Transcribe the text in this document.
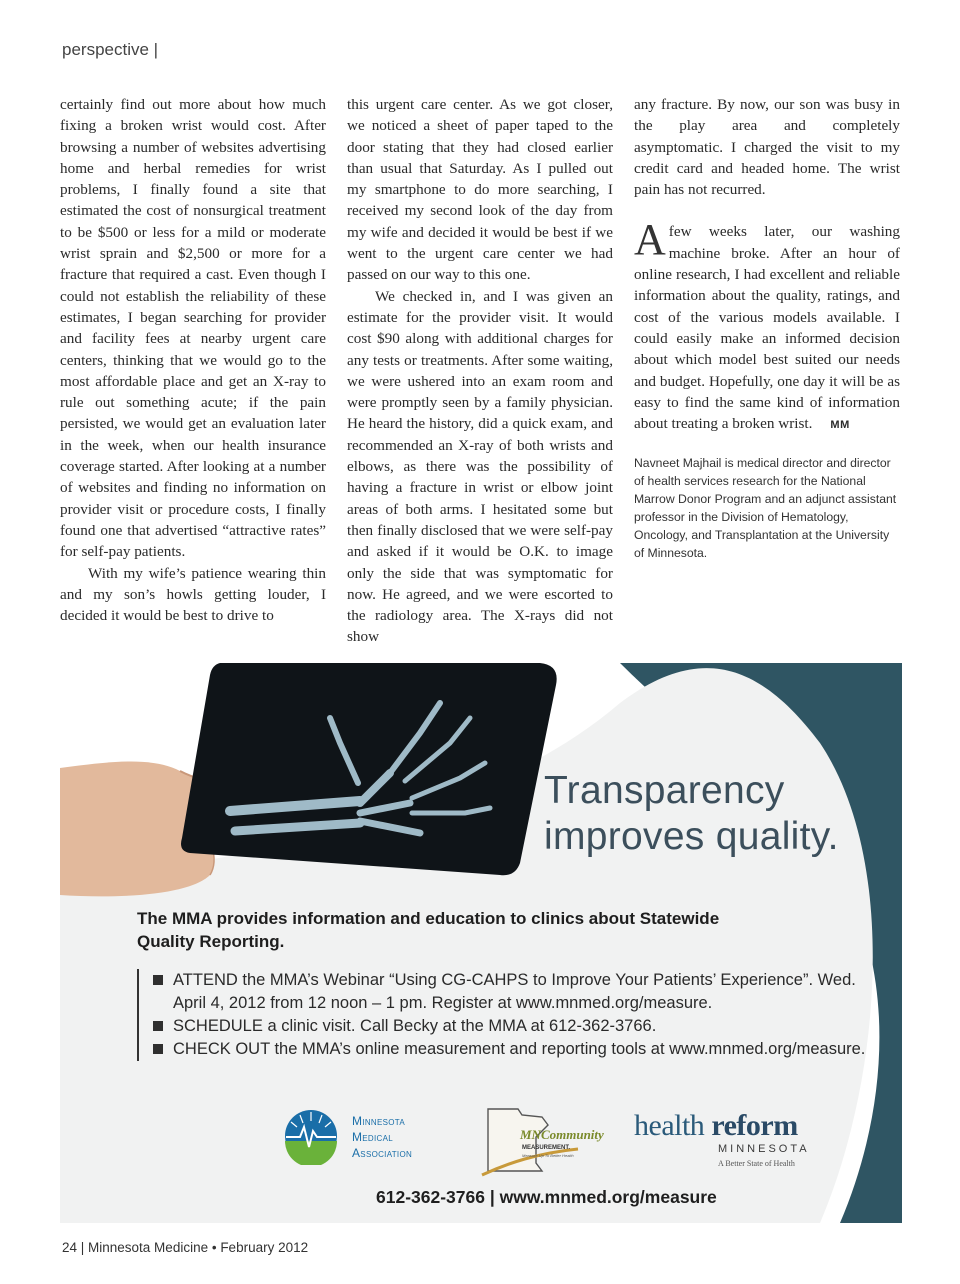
perspective |

certainly find out more about how much fixing a broken wrist would cost. After browsing a number of websites advertising home and herbal remedies for wrist problems, I finally found a site that estimated the cost of nonsurgical treatment to be $500 or less for a mild or moderate wrist sprain and $2,500 or more for a fracture that required a cast. Even though I could not establish the reliability of these estimates, I began searching for provider and facility fees at nearby urgent care centers, thinking that we would go to the most affordable place and get an X-ray to rule out something acute; if the pain persisted, we would get an evaluation later in the week, when our health insurance coverage started. After looking at a number of websites and finding no information on provider visit or procedure costs, I finally found one that advertised “attractive rates” for self-pay patients.

With my wife’s patience wearing thin and my son’s howls getting louder, I decided it would be best to drive to

this urgent care center. As we got closer, we noticed a sheet of paper taped to the door stating that they had closed earlier than usual that Saturday. As I pulled out my smartphone to do more searching, I received my second look of the day from my wife and decided it would be best if we went to the urgent care center we had passed on our way to this one.

We checked in, and I was given an estimate for the provider visit. It would cost $90 along with additional charges for any tests or treatments. After some waiting, we were ushered into an exam room and were promptly seen by a family physician. He heard the history, did a quick exam, and recommended an X-ray of both wrists and elbows, as there was the possibility of having a fracture in wrist or elbow joint areas of both arms. I hesitated some but then finally disclosed that we were self-pay and asked if it would be O.K. to image only the side that was symptomatic for now. He agreed, and we were escorted to the radiology area. The X-rays did not show

any fracture. By now, our son was busy in the play area and completely asymptomatic. I charged the visit to my credit card and headed home. The wrist pain has not recurred.

Afew weeks later, our washing machine broke. After an hour of online research, I had excellent and reliable information about the quality, ratings, and cost of the various models available. I could easily make an informed decision about which model best suited our needs and budget. Hopefully, one day it will be as easy to find the same kind of information about treating a broken wrist. MM

Navneet Majhail is medical director and director of health services research for the National Marrow Donor Program and an adjunct assistant professor in the Division of Hematology, Oncology, and Transplantation at the University of Minnesota.
Transparency
improves quality.
The MMA provides information and education to clinics about Statewide Quality Reporting.
ATTEND the MMA’s Webinar “Using CG-CAHPS to Improve Your Patients’ Experience”. Wed. April 4, 2012 from 12 noon – 1 pm. Register at www.mnmed.org/measure.
SCHEDULE a clinic visit. Call Becky at the MMA at 612-362-3766.
CHECK OUT the MMA’s online measurement and reporting tools at www.mnmed.org/measure.
Minnesota
Medical
Association
MNCommunity
MEASUREMENT.
Measure Up To Better Health
health reform
MINNESOTA
A Better State of Health
612-362-3766 | www.mnmed.org/measure
24 | Minnesota Medicine • February 2012
